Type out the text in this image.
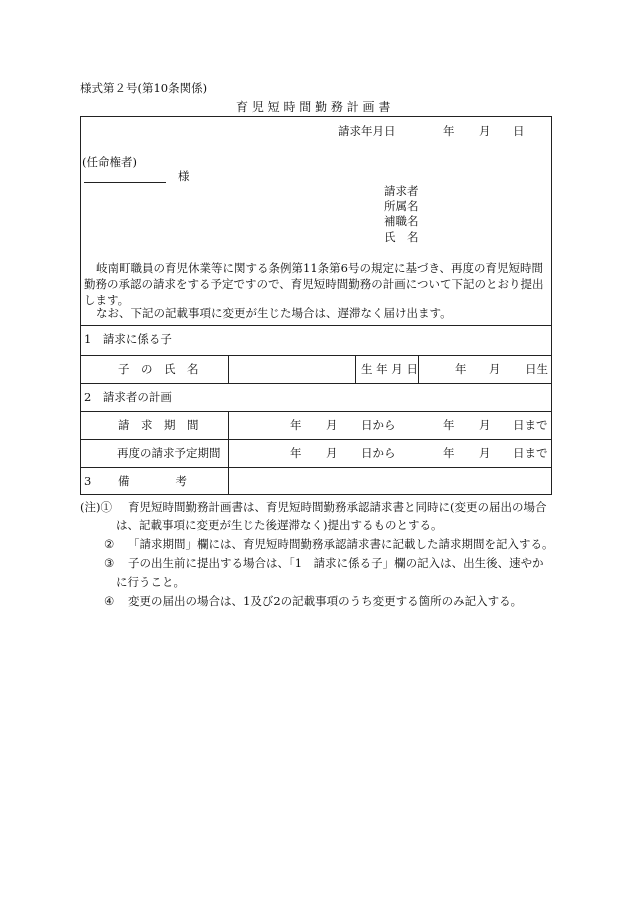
様式第２号(第10条関係)
育 児 短 時 間 勤 務 計 画 書
請求年月日	年 月 日
(任命権者)
様
請求者
所属名
補職名
氏　名
岐南町職員の育児休業等に関する条例第11条第6号の規定に基づき、再度の育児短時間勤務の承認の請求をする予定ですので、育児短時間勤務の計画について下記のとおり提出します。
なお、下記の記載事項に変更が生じた場合は、遅滞なく届け出ます。
1　請求に係る子
子　の　氏　名	生 年 月 日	年 月 日生
2　請求者の計画
請　求　期　間	年 月 日から	年 月 日まで
再度の請求予定期間	年 月 日から	年 月 日まで
3 備　　　　考
(注)① 育児短時間勤務計画書は、育児短時間勤務承認請求書と同時に(変更の届出の場合
は、記載事項に変更が生じた後遅滞なく)提出するものとする。
② 「請求期間」欄には、育児短時間勤務承認請求書に記載した請求期間を記入する。
③ 子の出生前に提出する場合は、「1　請求に係る子」欄の記入は、出生後、速やか
に行うこと。
④ 変更の届出の場合は、1及び2の記載事項のうち変更する箇所のみ記入する。
